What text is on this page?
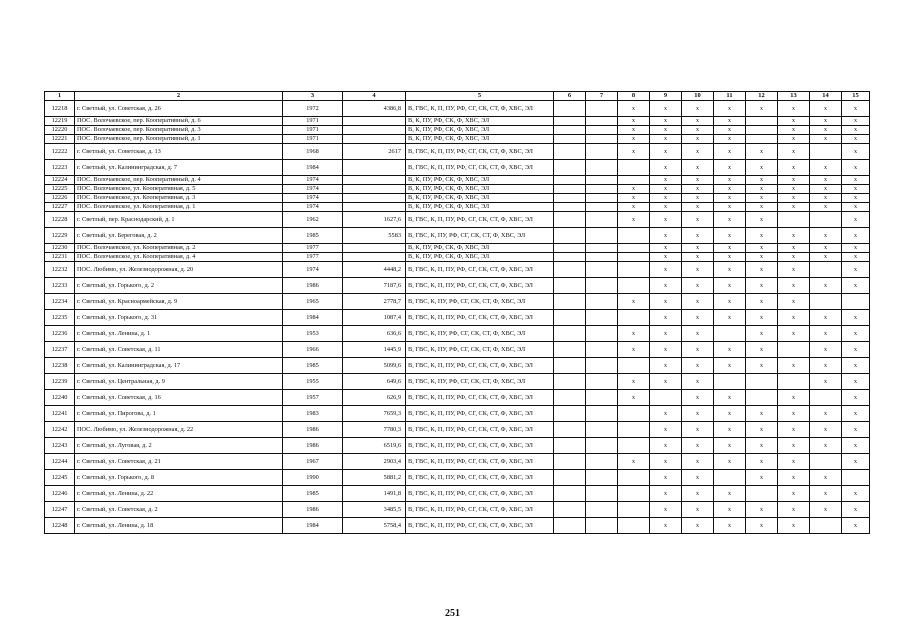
1	2	3	4	5	6	7	8	9	10	11	12	13	14	15
12218	г. Светлый, ул. Советская, д. 26	1972	4386,8	В, ГВС, К, П, ПУ, РФ, СГ, СК, СТ, Ф, ХВС, ЭЛ			x	x	x	x	x	x	x	x
12219	ПОС. Волочаевское, пер. Кооперативный, д. 6	1971		В, К, ПУ, РФ, СК, Ф, ХВС, ЭЛ			x	x	x	x		x	x	x
12220	ПОС. Волочаевское, пер. Кооперативный, д. 3	1971		В, К, ПУ, РФ, СК, Ф, ХВС, ЭЛ			x	x	x	x		x	x	x
12221	ПОС. Волочаевское, пер. Кооперативный, д. 1	1971		В, К, ПУ, РФ, СК, Ф, ХВС, ЭЛ			x	x	x	x		x	x	x
12222	г. Светлый, ул. Советская, д. 13	1968	2617	В, ГВС, К, П, ПУ, РФ, СГ, СК, СТ, Ф, ХВС, ЭЛ			x	x	x	x	x	x		x
12223	г. Светлый, ул. Калининградская, д. 7	1984		В, ГВС, К, П, ПУ, РФ, СГ, СК, СТ, Ф, ХВС, ЭЛ				x	x	x	x	x	x	x
12224	ПОС. Волочаевское, пер. Кооперативный, д. 4	1974		В, К, ПУ, РФ, СК, Ф, ХВС, ЭЛ				x	x	x	x	x	x	x
12225	ПОС. Волочаевское, ул. Кооперативная, д. 5	1974		В, К, ПУ, РФ, СК, Ф, ХВС, ЭЛ			x	x	x	x	x	x	x	x
12226	ПОС. Волочаевское, ул. Кооперативная, д. 3	1974		В, К, ПУ, РФ, СК, Ф, ХВС, ЭЛ			x	x	x	x	x	x	x	x
12227	ПОС. Волочаевское, ул. Кооперативная, д. 1	1974		В, К, ПУ, РФ, СК, Ф, ХВС, ЭЛ			x	x	x	x	x	x	x	x
12228	г. Светлый, пер. Краснодарский, д. 1	1962	1627,6	В, ГВС, К, П, ПУ, РФ, СГ, СК, СТ, Ф, ХВС, ЭЛ			x	x	x	x	x			x
12229	г. Светлый, ул. Береговая, д. 2	1985	5583	В, ГВС, К, ПУ, РФ, СГ, СК, СТ, Ф, ХВС, ЭЛ				x	x	x	x	x	x	x
12230	ПОС. Волочаевское, ул. Кооперативная, д. 2	1977		В, К, ПУ, РФ, СК, Ф, ХВС, ЭЛ				x	x	x	x	x	x	x
12231	ПОС. Волочаевское, ул. Кооперативная, д. 4	1977		В, К, ПУ, РФ, СК, Ф, ХВС, ЭЛ				x	x	x	x	x	x	x
12232	ПОС. Любимо, ул. Железнодорожная, д. 20	1974	4448,2	В, ГВС, К, П, ПУ, РФ, СГ, СК, СТ, Ф, ХВС, ЭЛ				x	x	x	x	x		x
12233	г. Светлый, ул. Горького, д. 2	1986	7187,6	В, ГВС, К, П, ПУ, РФ, СГ, СК, СТ, Ф, ХВС, ЭЛ				x	x	x	x	x	x	x
12234	г. Светлый, ул. Красноармейская, д. 9	1965	2778,7	В, ГВС, К, ПУ, РФ, СГ, СК, СТ, Ф, ХВС, ЭЛ			x	x	x	x	x	x		
12235	г. Светлый, ул. Горького, д. 31	1984	1087,4	В, ГВС, К, П, ПУ, РФ, СГ, СК, СТ, Ф, ХВС, ЭЛ				x	x	x	x	x	x	x
12236	г. Светлый, ул. Ленина, д. 1	1953	636,6	В, ГВС, К, ПУ, РФ, СГ, СК, СТ, Ф, ХВС, ЭЛ			x	x	x		x	x	x	x
12237	г. Светлый, ул. Советская, д. 11	1966	1445,9	В, ГВС, К, ПУ, РФ, СГ, СК, СТ, Ф, ХВС, ЭЛ			x	x	x	x	x		x	x
12238	г. Светлый, ул. Калининградская, д. 17	1985	5099,6	В, ГВС, К, П, ПУ, РФ, СГ, СК, СТ, Ф, ХВС, ЭЛ				x	x	x	x	x	x	x
12239	г. Светлый, ул. Центральная, д. 9	1955	649,6	В, ГВС, К, ПУ, РФ, СГ, СК, СТ, Ф, ХВС, ЭЛ			x	x	x				x	x
12240	г. Светлый, ул. Советская, д. 16	1957	626,9	В, ГВС, К, П, ПУ, РФ, СГ, СК, СТ, Ф, ХВС, ЭЛ			x		x	x		x		x
12241	г. Светлый, ул. Пирогова, д. 1	1983	7659,3	В, ГВС, К, П, ПУ, РФ, СГ, СК, СТ, Ф, ХВС, ЭЛ				x	x	x	x	x	x	x
12242	ПОС. Любимо, ул. Железнодорожная, д. 22	1986	7780,3	В, ГВС, К, П, ПУ, РФ, СГ, СК, СТ, Ф, ХВС, ЭЛ				x	x	x	x	x	x	x
12243	г. Светлый, ул. Луговая, д. 2	1986	6519,6	В, ГВС, К, П, ПУ, РФ, СГ, СК, СТ, Ф, ХВС, ЭЛ				x	x	x	x	x	x	x
12244	г. Светлый, ул. Советская, д. 21	1967	2903,4	В, ГВС, К, П, ПУ, РФ, СГ, СК, СТ, Ф, ХВС, ЭЛ			x	x	x	x	x	x		x
12245	г. Светлый, ул. Горького, д. 8	1990	5881,2	В, ГВС, К, П, ПУ, РФ, СГ, СК, СТ, Ф, ХВС, ЭЛ				x	x		x	x	x	
12246	г. Светлый, ул. Ленина, д. 22	1985	1491,8	В, ГВС, К, П, ПУ, РФ, СГ, СК, СТ, Ф, ХВС, ЭЛ				x	x	x		x	x	x
12247	г. Светлый, ул. Советская, д. 2	1986	3485,5	В, ГВС, К, П, ПУ, РФ, СГ, СК, СТ, Ф, ХВС, ЭЛ				x	x	x	x	x	x	x
12248	г. Светлый, ул. Ленина, д. 18	1984	5758,4	В, ГВС, К, П, ПУ, РФ, СГ, СК, СТ, Ф, ХВС, ЭЛ				x	x	x	x	x		x
251
